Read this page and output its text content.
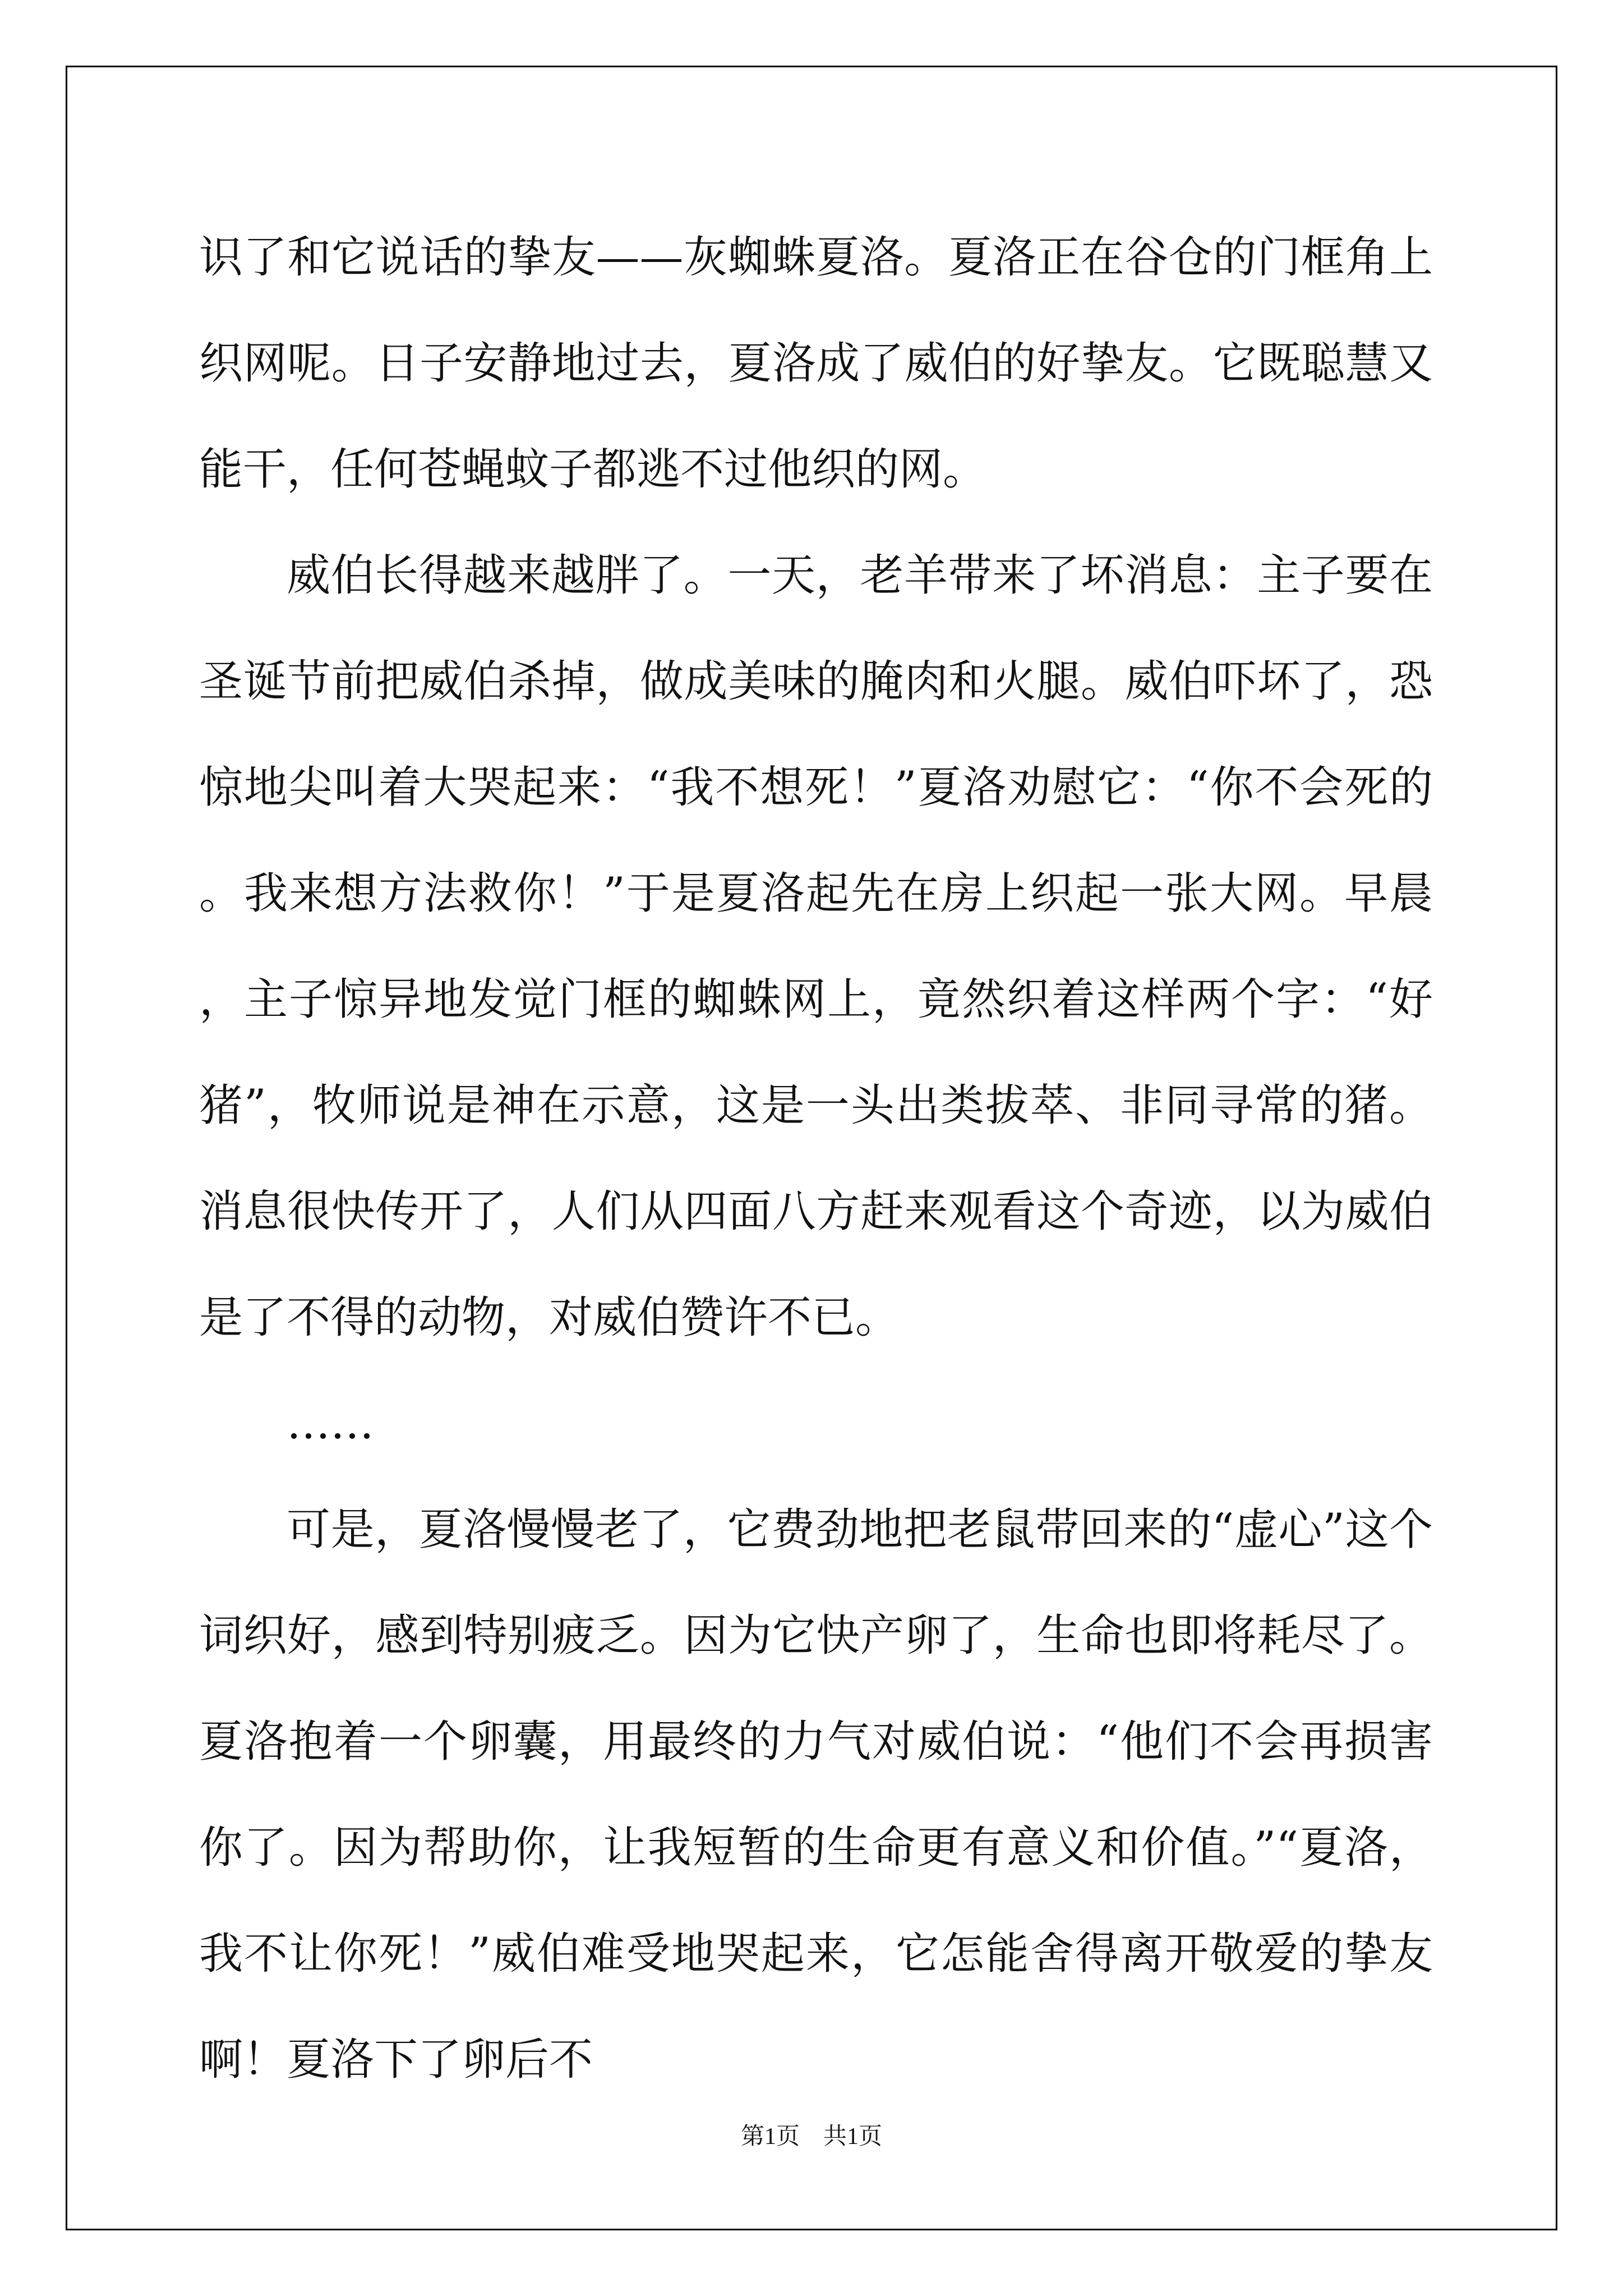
识了和它说话的挚友——灰蜘蛛夏洛。夏洛正在谷仓的门框角上织网呢。日子安静地过去，夏洛成了威伯的好挚友。它既聪慧又能干，任何苍蝇蚊子都逃不过他织的网。

威伯长得越来越胖了。一天，老羊带来了坏消息：主子要在圣诞节前把威伯杀掉，做成美味的腌肉和火腿。威伯吓坏了，恐惊地尖叫着大哭起来：“我不想死！”夏洛劝慰它：“你不会死的。我来想方法救你！”于是夏洛起先在房上织起一张大网。早晨，主子惊异地发觉门框的蜘蛛网上，竟然织着这样两个字：“好猪”，牧师说是神在示意，这是一头出类拔萃、非同寻常的猪。消息很快传开了，人们从四面八方赶来观看这个奇迹，以为威伯是了不得的动物，对威伯赞许不已。

……

可是，夏洛慢慢老了，它费劲地把老鼠带回来的“虚心”这个词织好，感到特别疲乏。因为它快产卵了，生命也即将耗尽了。夏洛抱着一个卵囊，用最终的力气对威伯说：“他们不会再损害你了。因为帮助你，让我短暂的生命更有意义和价值。”“夏洛，我不让你死！”威伯难受地哭起来，它怎能舍得离开敬爱的挚友啊！夏洛下了卵后不

第1页　共1页
